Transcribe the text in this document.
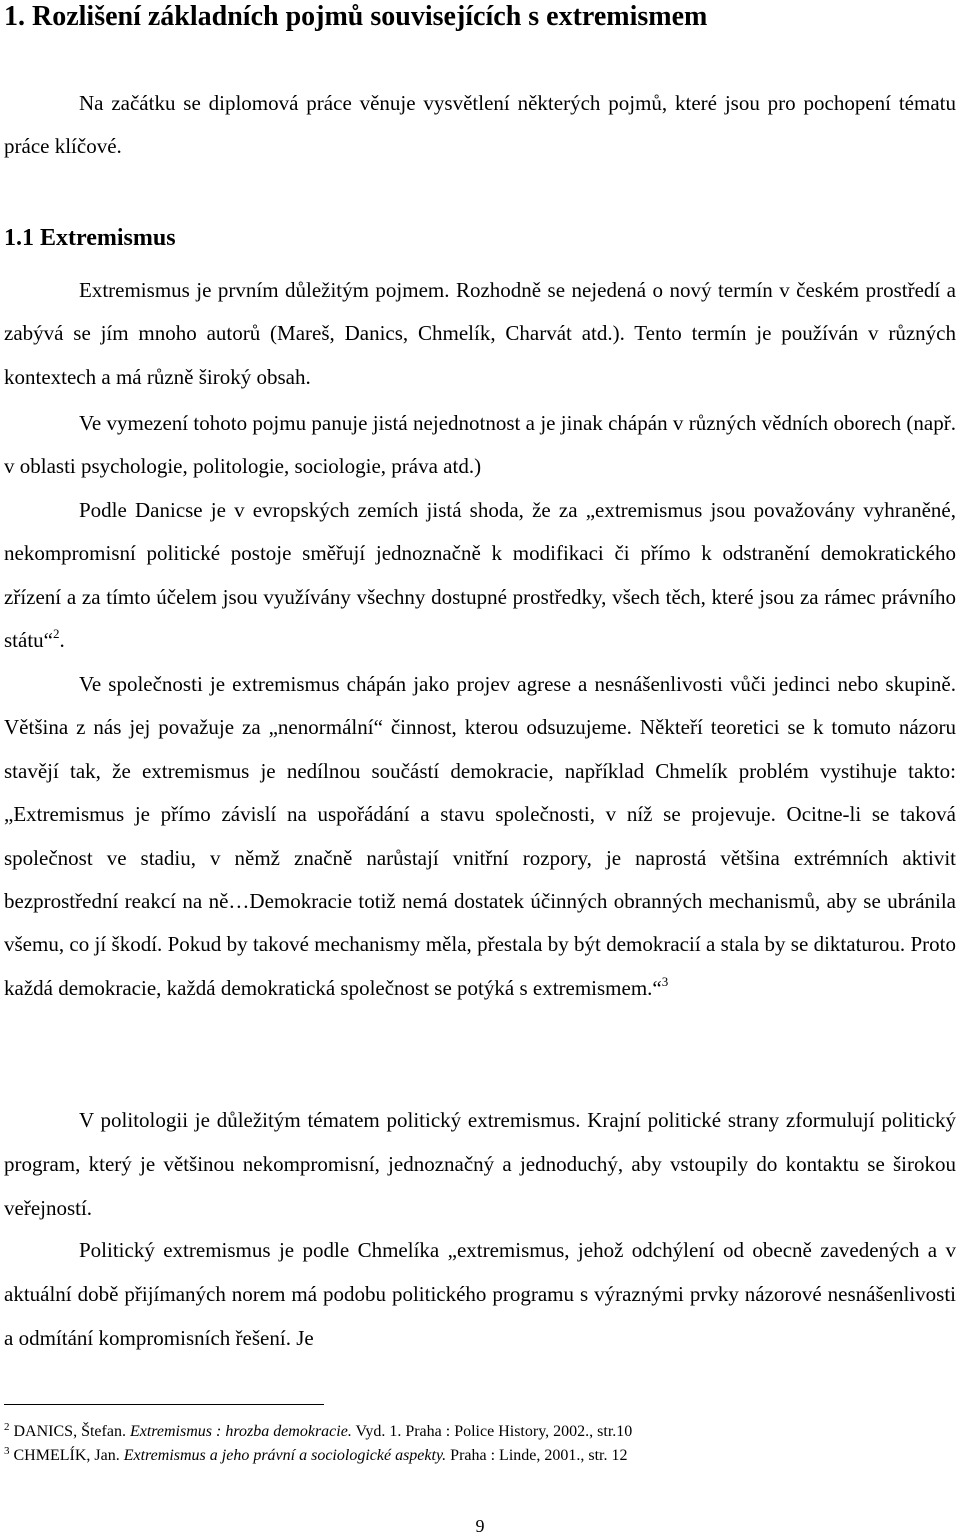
1. Rozlišení základních pojmů souvisejících s extremismem

Na začátku se diplomová práce věnuje vysvětlení některých pojmů, které jsou pro pochopení tématu práce klíčové.

1.1 Extremismus

Extremismus je prvním důležitým pojmem. Rozhodně se nejedená o nový termín v českém prostředí a zabývá se jím mnoho autorů (Mareš, Danics, Chmelík, Charvát atd.). Tento termín je používán v různých kontextech a má různě široký obsah.

Ve vymezení tohoto pojmu panuje jistá nejednotnost a je jinak chápán v různých vědních oborech (např. v oblasti psychologie, politologie, sociologie, práva atd.)

Podle Danicse je v evropských zemích jistá shoda, že za „extremismus jsou považovány vyhraněné, nekompromisní politické postoje směřují jednoznačně k modifikaci či přímo k odstranění demokratického zřízení a za tímto účelem jsou využívány všechny dostupné prostředky, všech těch, které jsou za rámec právního státu“$^2$.

Ve společnosti je extremismus chápán jako projev agrese a nesnášenlivosti vůči jedinci nebo skupině. Většina z nás jej považuje za „nenormální“ činnost, kterou odsuzujeme. Někteří teoretici se k tomuto názoru stavějí tak, že extremismus je nedílnou součástí demokracie, například Chmelík problém vystihuje takto: „Extremismus je přímo závislí na uspořádání a stavu společnosti, v níž se projevuje. Ocitne-li se taková společnost ve stadiu, v němž značně narůstají vnitřní rozpory, je naprostá většina extrémních aktivit bezprostřední reakcí na ně…Demokracie totiž nemá dostatek účinných obranných mechanismů, aby se ubránila všemu, co jí škodí. Pokud by takové mechanismy měla, přestala by být demokracií a stala by se diktaturou. Proto každá demokracie, každá demokratická společnost se potýká s extremismem.“$^3$

V politologii je důležitým tématem politický extremismus. Krajní politické strany zformulují politický program, který je většinou nekompromisní, jednoznačný a jednoduchý, aby vstoupily do kontaktu se širokou veřejností.

Politický extremismus je podle Chmelíka „extremismus, jehož odchýlení od obecně zavedených a v aktuální době přijímaných norem má podobu politického programu s výraznými prvky názorové nesnášenlivosti a odmítání kompromisních řešení. Je

$^2$ DANICS, Štefan. Extremismus : hrozba demokracie. Vyd. 1. Praha : Police History, 2002., str.10
$^3$ CHMELÍK, Jan. Extremismus a jeho právní a sociologické aspekty. Praha : Linde, 2001., str. 12
9
